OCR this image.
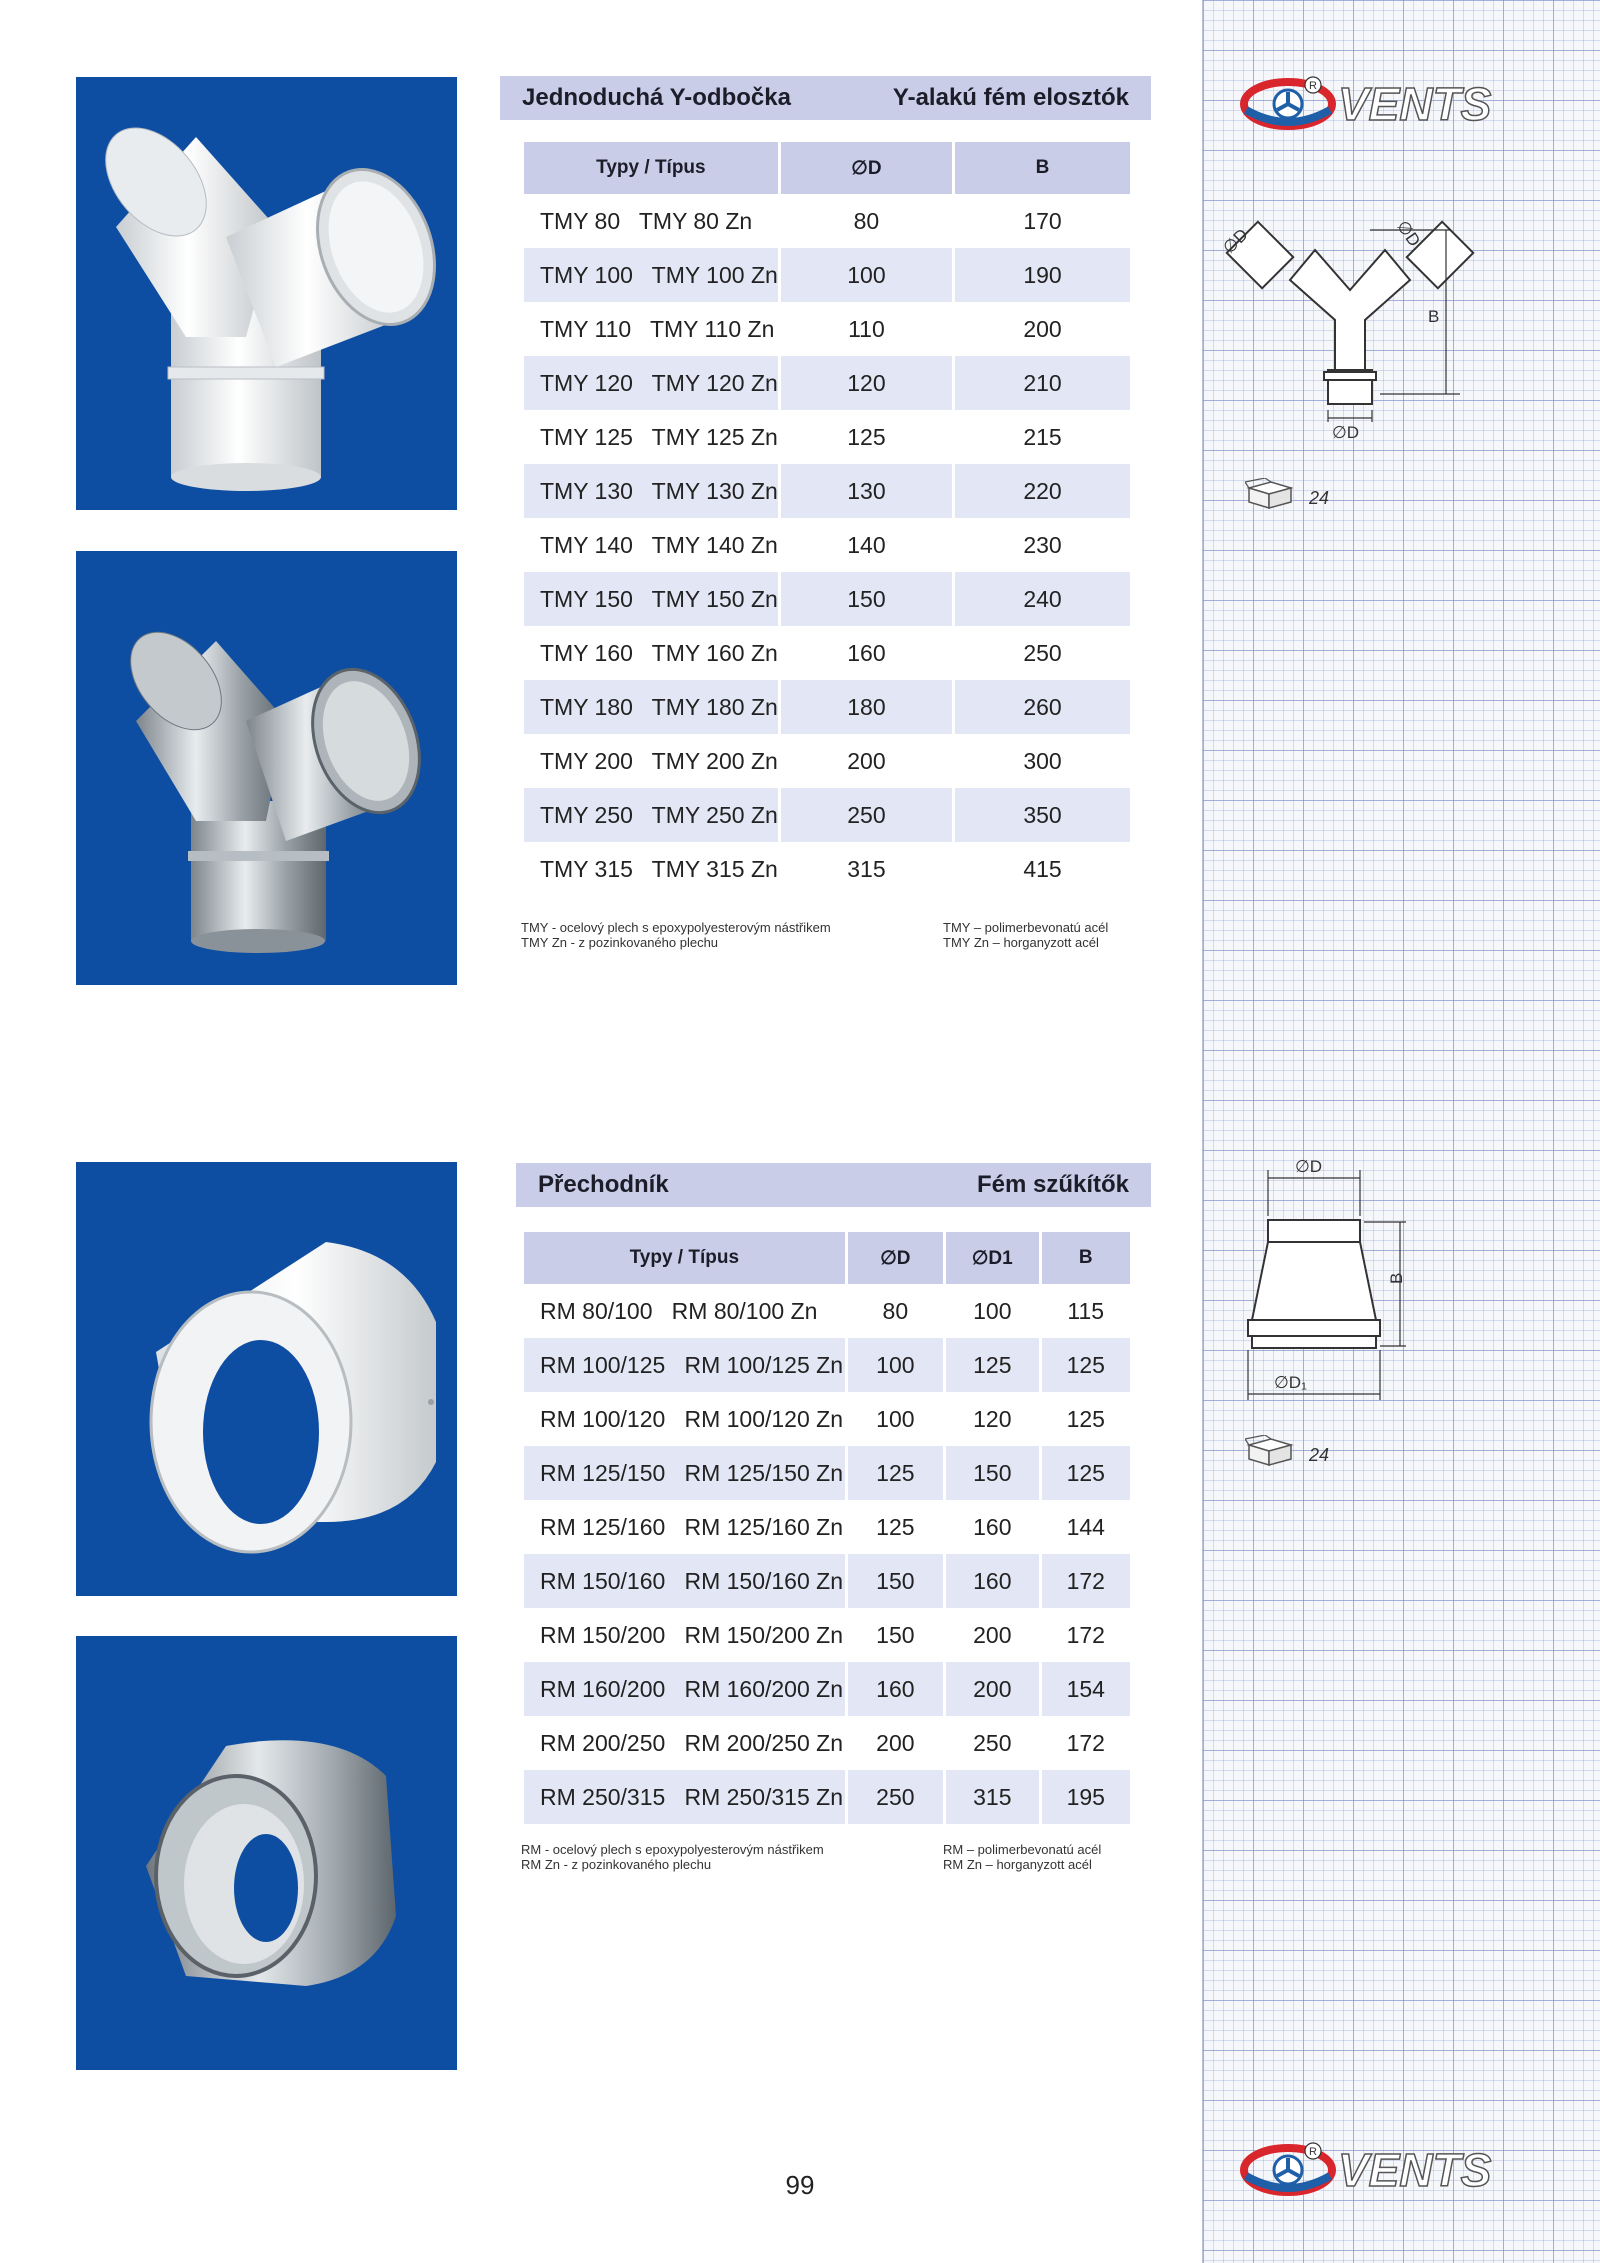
R VENTS
R VENTS
Jednoduchá Y-odbočka	Y-alakú fém elosztók
Typy / Típus	∅D	B
TMY 80   TMY 80 Zn	80	170
TMY 100   TMY 100 Zn	100	190
TMY 110   TMY 110 Zn	110	200
TMY 120   TMY 120 Zn	120	210
TMY 125   TMY 125 Zn	125	215
TMY 130   TMY 130 Zn	130	220
TMY 140   TMY 140 Zn	140	230
TMY 150   TMY 150 Zn	150	240
TMY 160   TMY 160 Zn	160	250
TMY 180   TMY 180 Zn	180	260
TMY 200   TMY 200 Zn	200	300
TMY 250   TMY 250 Zn	250	350
TMY 315   TMY 315 Zn	315	415
TMY - ocelový plech s epoxypolyesterovým nástřikem
TMY Zn - z pozinkovaného plechu
TMY – polimerbevonatú acél
TMY Zn – horganyzott acél
∅D	∅D
B
∅D
24
Přechodník	Fém szűkítők
Typy / Típus	∅D	∅D1	B
RM 80/100   RM 80/100 Zn	80	100	115
RM 100/125   RM 100/125 Zn	100	125	125
RM 100/120   RM 100/120 Zn	100	120	125
RM 125/150   RM 125/150 Zn	125	150	125
RM 125/160   RM 125/160 Zn	125	160	144
RM 150/160   RM 150/160 Zn	150	160	172
RM 150/200   RM 150/200 Zn	150	200	172
RM 160/200   RM 160/200 Zn	160	200	154
RM 200/250   RM 200/250 Zn	200	250	172
RM 250/315   RM 250/315 Zn	250	315	195
RM - ocelový plech s epoxypolyesterovým nástřikem
RM Zn - z pozinkovaného plechu
RM – polimerbevonatú acél
RM Zn – horganyzott acél
∅D
B
∅D₁
24
99
